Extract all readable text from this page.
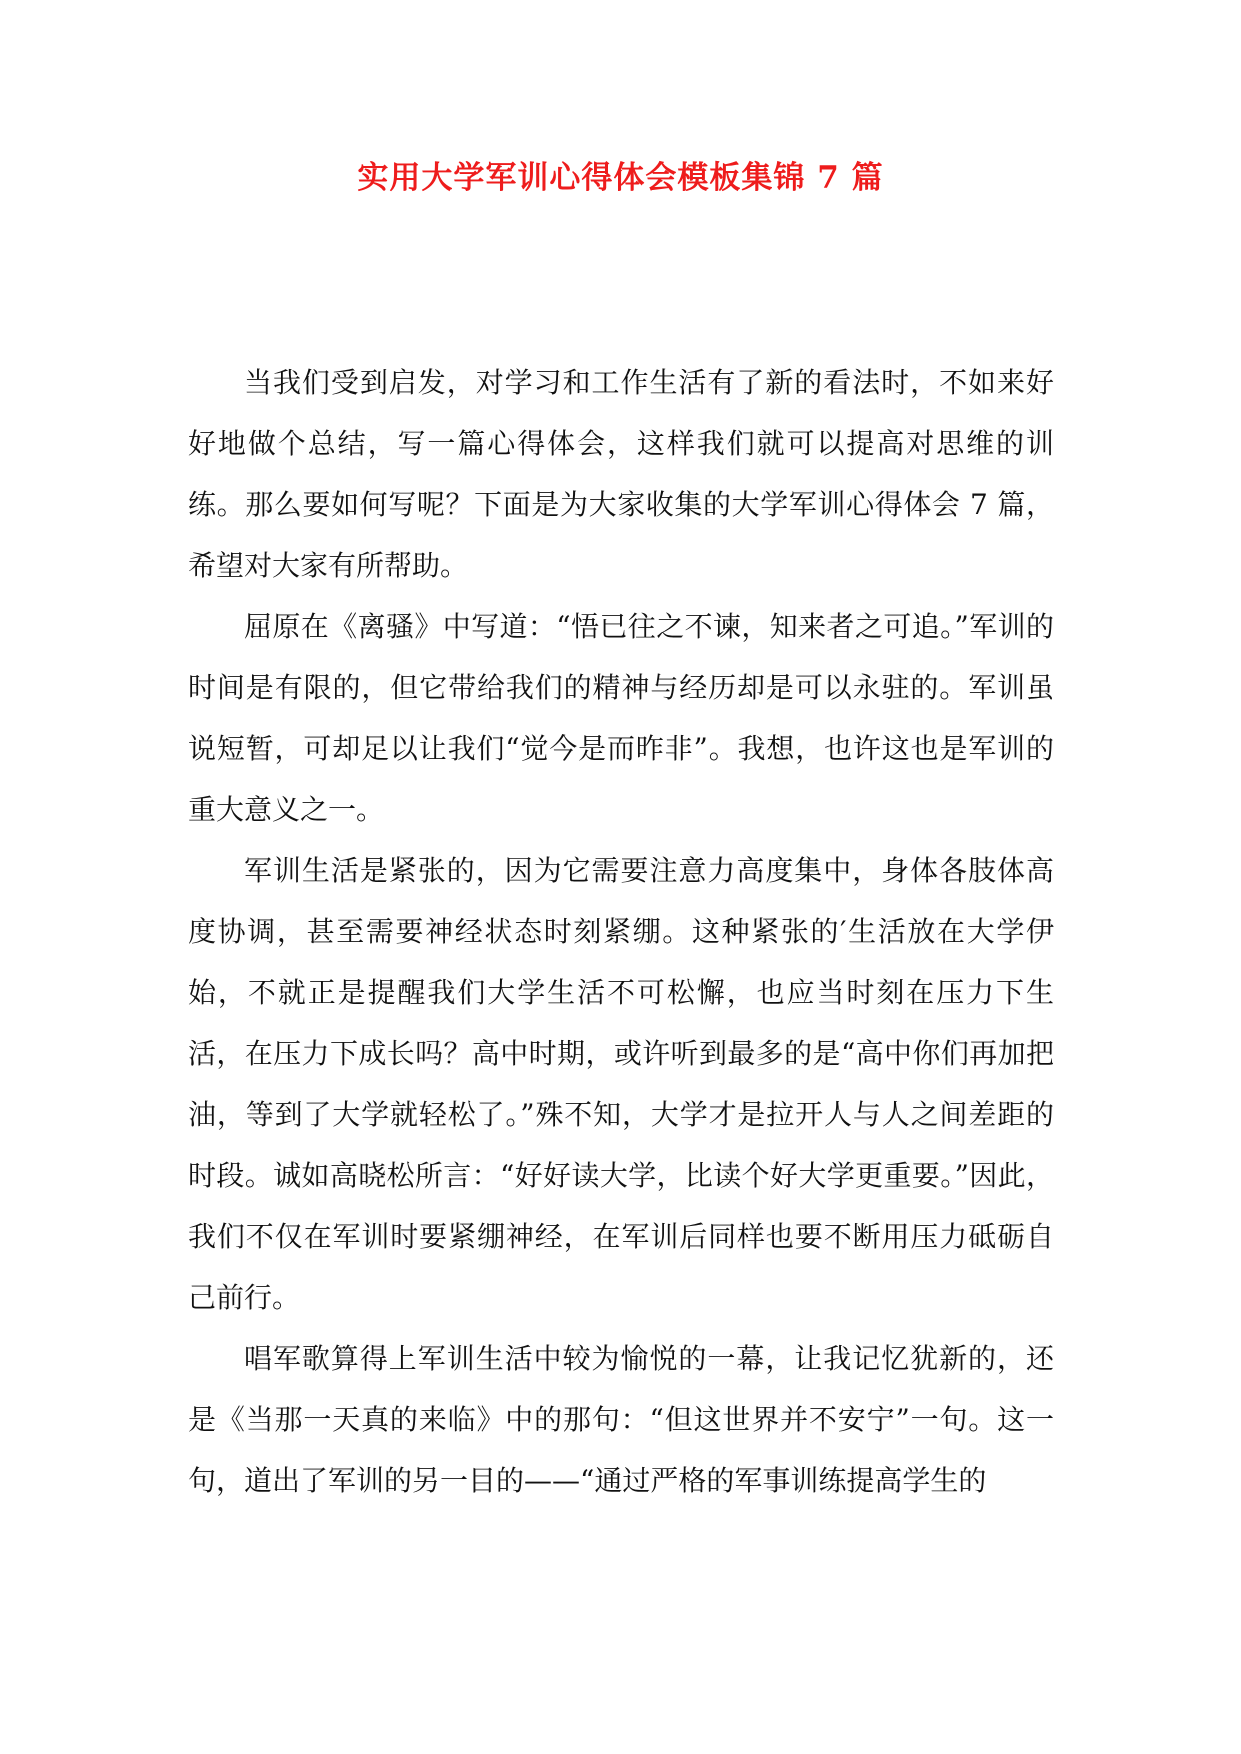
实用大学军训心得体会模板集锦 7 篇

当我们受到启发，对学习和工作生活有了新的看法时，不如来好好地做个总结，写一篇心得体会，这样我们就可以提高对思维的训练。那么要如何写呢？下面是为大家收集的大学军训心得体会 7 篇，希望对大家有所帮助。

屈原在《离骚》中写道：“悟已往之不谏，知来者之可追。”军训的时间是有限的，但它带给我们的精神与经历却是可以永驻的。军训虽说短暂，可却足以让我们“觉今是而昨非”。我想，也许这也是军训的重大意义之一。

军训生活是紧张的，因为它需要注意力高度集中，身体各肢体高度协调，甚至需要神经状态时刻紧绷。这种紧张的′生活放在大学伊始，不就正是提醒我们大学生活不可松懈，也应当时刻在压力下生活，在压力下成长吗？高中时期，或许听到最多的是“高中你们再加把油，等到了大学就轻松了。”殊不知，大学才是拉开人与人之间差距的时段。诚如高晓松所言：“好好读大学，比读个好大学更重要。”因此，我们不仅在军训时要紧绷神经，在军训后同样也要不断用压力砥砺自己前行。

唱军歌算得上军训生活中较为愉悦的一幕，让我记忆犹新的，还是《当那一天真的来临》中的那句：“但这世界并不安宁”一句。这一句，道出了军训的另一目的——“通过严格的军事训练提高学生的
